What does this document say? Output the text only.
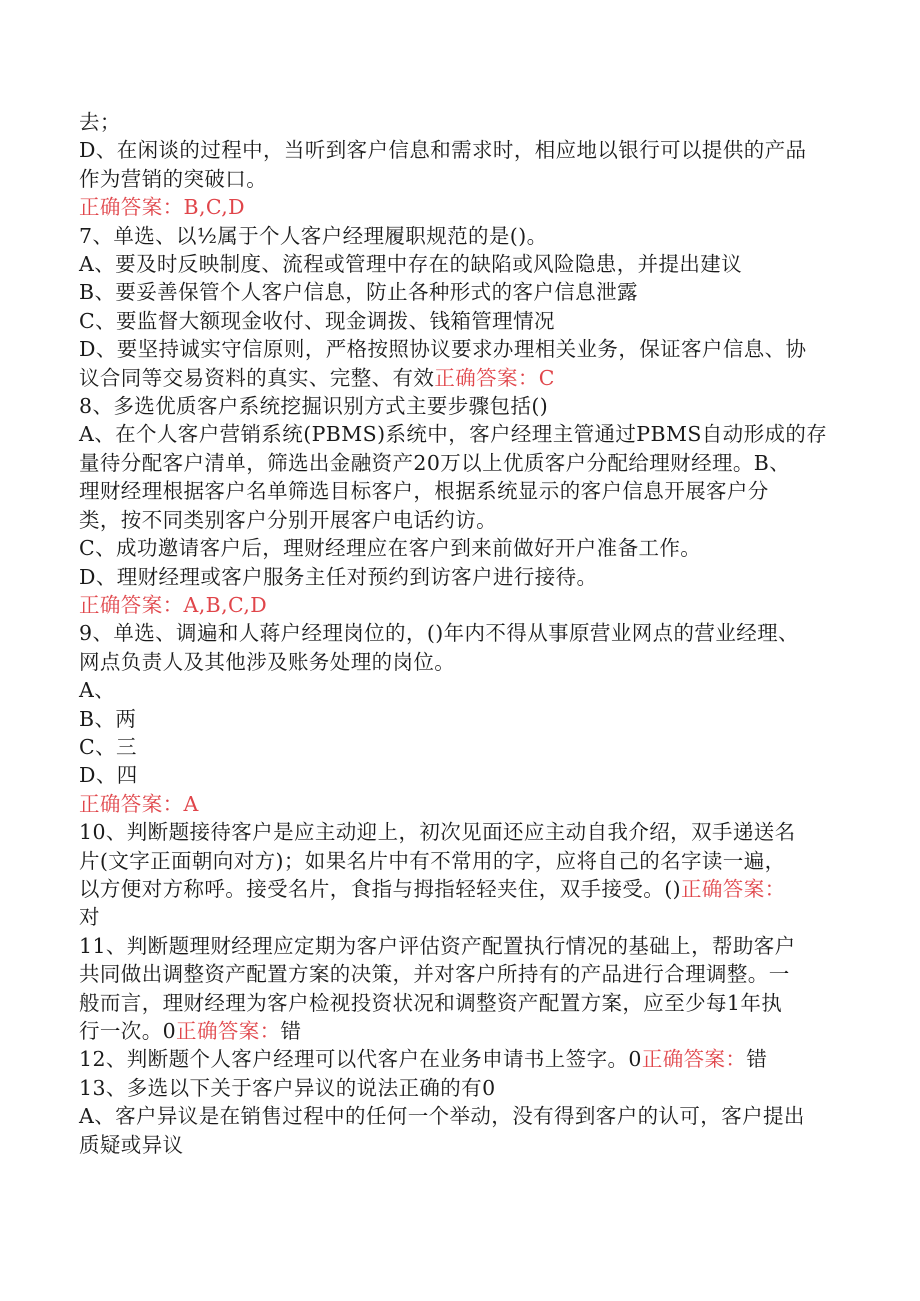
去；
D、在闲谈的过程中，当听到客户信息和需求时，相应地以银行可以提供的产品
作为营销的突破口。
正确答案：B,C,D
7、单选、以½属于个人客户经理履职规范的是()。
A、要及时反映制度、流程或管理中存在的缺陷或风险隐患，并提出建议
B、要妥善保管个人客户信息，防止各种形式的客户信息泄露
C、要监督大额现金收付、现金调拨、钱箱管理情况
D、要坚持诚实守信原则，严格按照协议要求办理相关业务，保证客户信息、协
议合同等交易资料的真实、完整、有效正确答案：C
8、多选优质客户系统挖掘识别方式主要步骤包括()
A、在个人客户营销系统(PBMS)系统中，客户经理主管通过PBMS自动形成的存
量待分配客户清单，筛选出金融资产20万以上优质客户分配给理财经理。B、
理财经理根据客户名单筛选目标客户，根据系统显示的客户信息开展客户分
类，按不同类别客户分别开展客户电话约访。
C、成功邀请客户后，理财经理应在客户到来前做好开户准备工作。
D、理财经理或客户服务主任对预约到访客户进行接待。
正确答案：A,B,C,D
9、单选、调遍和人蒋户经理岗位的，()年内不得从事原营业网点的营业经理、
网点负责人及其他涉及账务处理的岗位。
A、
B、两
C、三
D、四
正确答案：A
10、判断题接待客户是应主动迎上，初次见面还应主动自我介绍，双手递送名
片(文字正面朝向对方)；如果名片中有不常用的字，应将自己的名字读一遍，
以方便对方称呼。接受名片，食指与拇指轻轻夹住，双手接受。()正确答案：
对
11、判断题理财经理应定期为客户评估资产配置执行情况的基础上，帮助客户
共同做出调整资产配置方案的决策，并对客户所持有的产品进行合理调整。一
般而言，理财经理为客户检视投资状况和调整资产配置方案，应至少每1年执
行一次。0正确答案：错
12、判断题个人客户经理可以代客户在业务申请书上签字。0正确答案：错
13、多选以下关于客户异议的说法正确的有0
A、客户异议是在销售过程中的任何一个举动，没有得到客户的认可，客户提出
质疑或异议
